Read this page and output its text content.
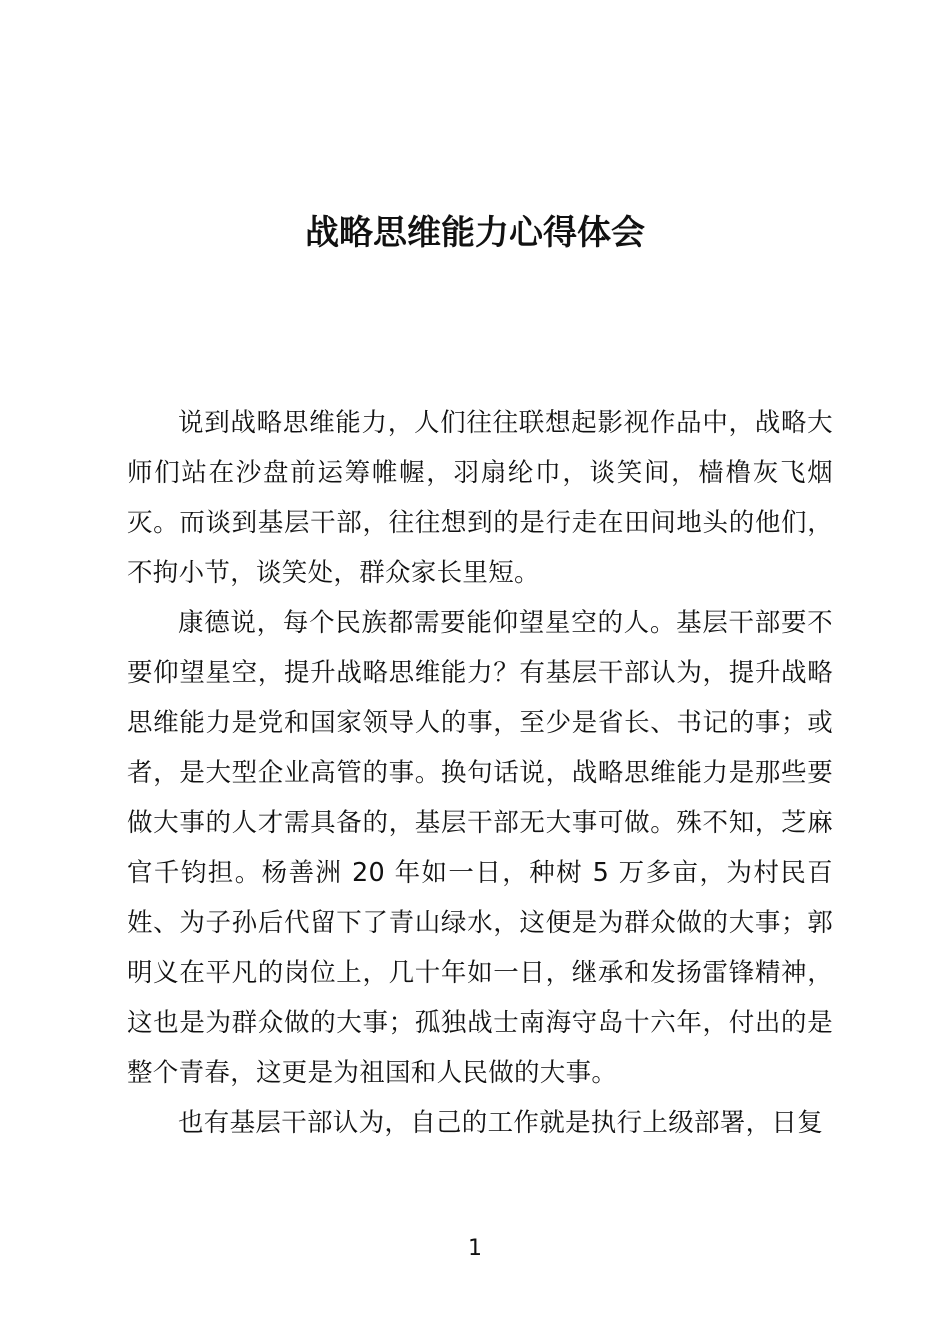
战略思维能力心得体会

说到战略思维能力，人们往往联想起影视作品中，战略大师们站在沙盘前运筹帷幄，羽扇纶巾，谈笑间，樯橹灰飞烟灭。而谈到基层干部，往往想到的是行走在田间地头的他们，不拘小节，谈笑处，群众家长里短。

康德说，每个民族都需要能仰望星空的人。基层干部要不要仰望星空，提升战略思维能力？有基层干部认为，提升战略思维能力是党和国家领导人的事，至少是省长、书记的事；或者，是大型企业高管的事。换句话说，战略思维能力是那些要做大事的人才需具备的，基层干部无大事可做。殊不知，芝麻官千钧担。杨善洲 20 年如一日，种树 5 万多亩，为村民百姓、为子孙后代留下了青山绿水，这便是为群众做的大事；郭明义在平凡的岗位上，几十年如一日，继承和发扬雷锋精神，这也是为群众做的大事；孤独战士南海守岛十六年，付出的是整个青春，这更是为祖国和人民做的大事。

也有基层干部认为，自己的工作就是执行上级部署，日复

1
